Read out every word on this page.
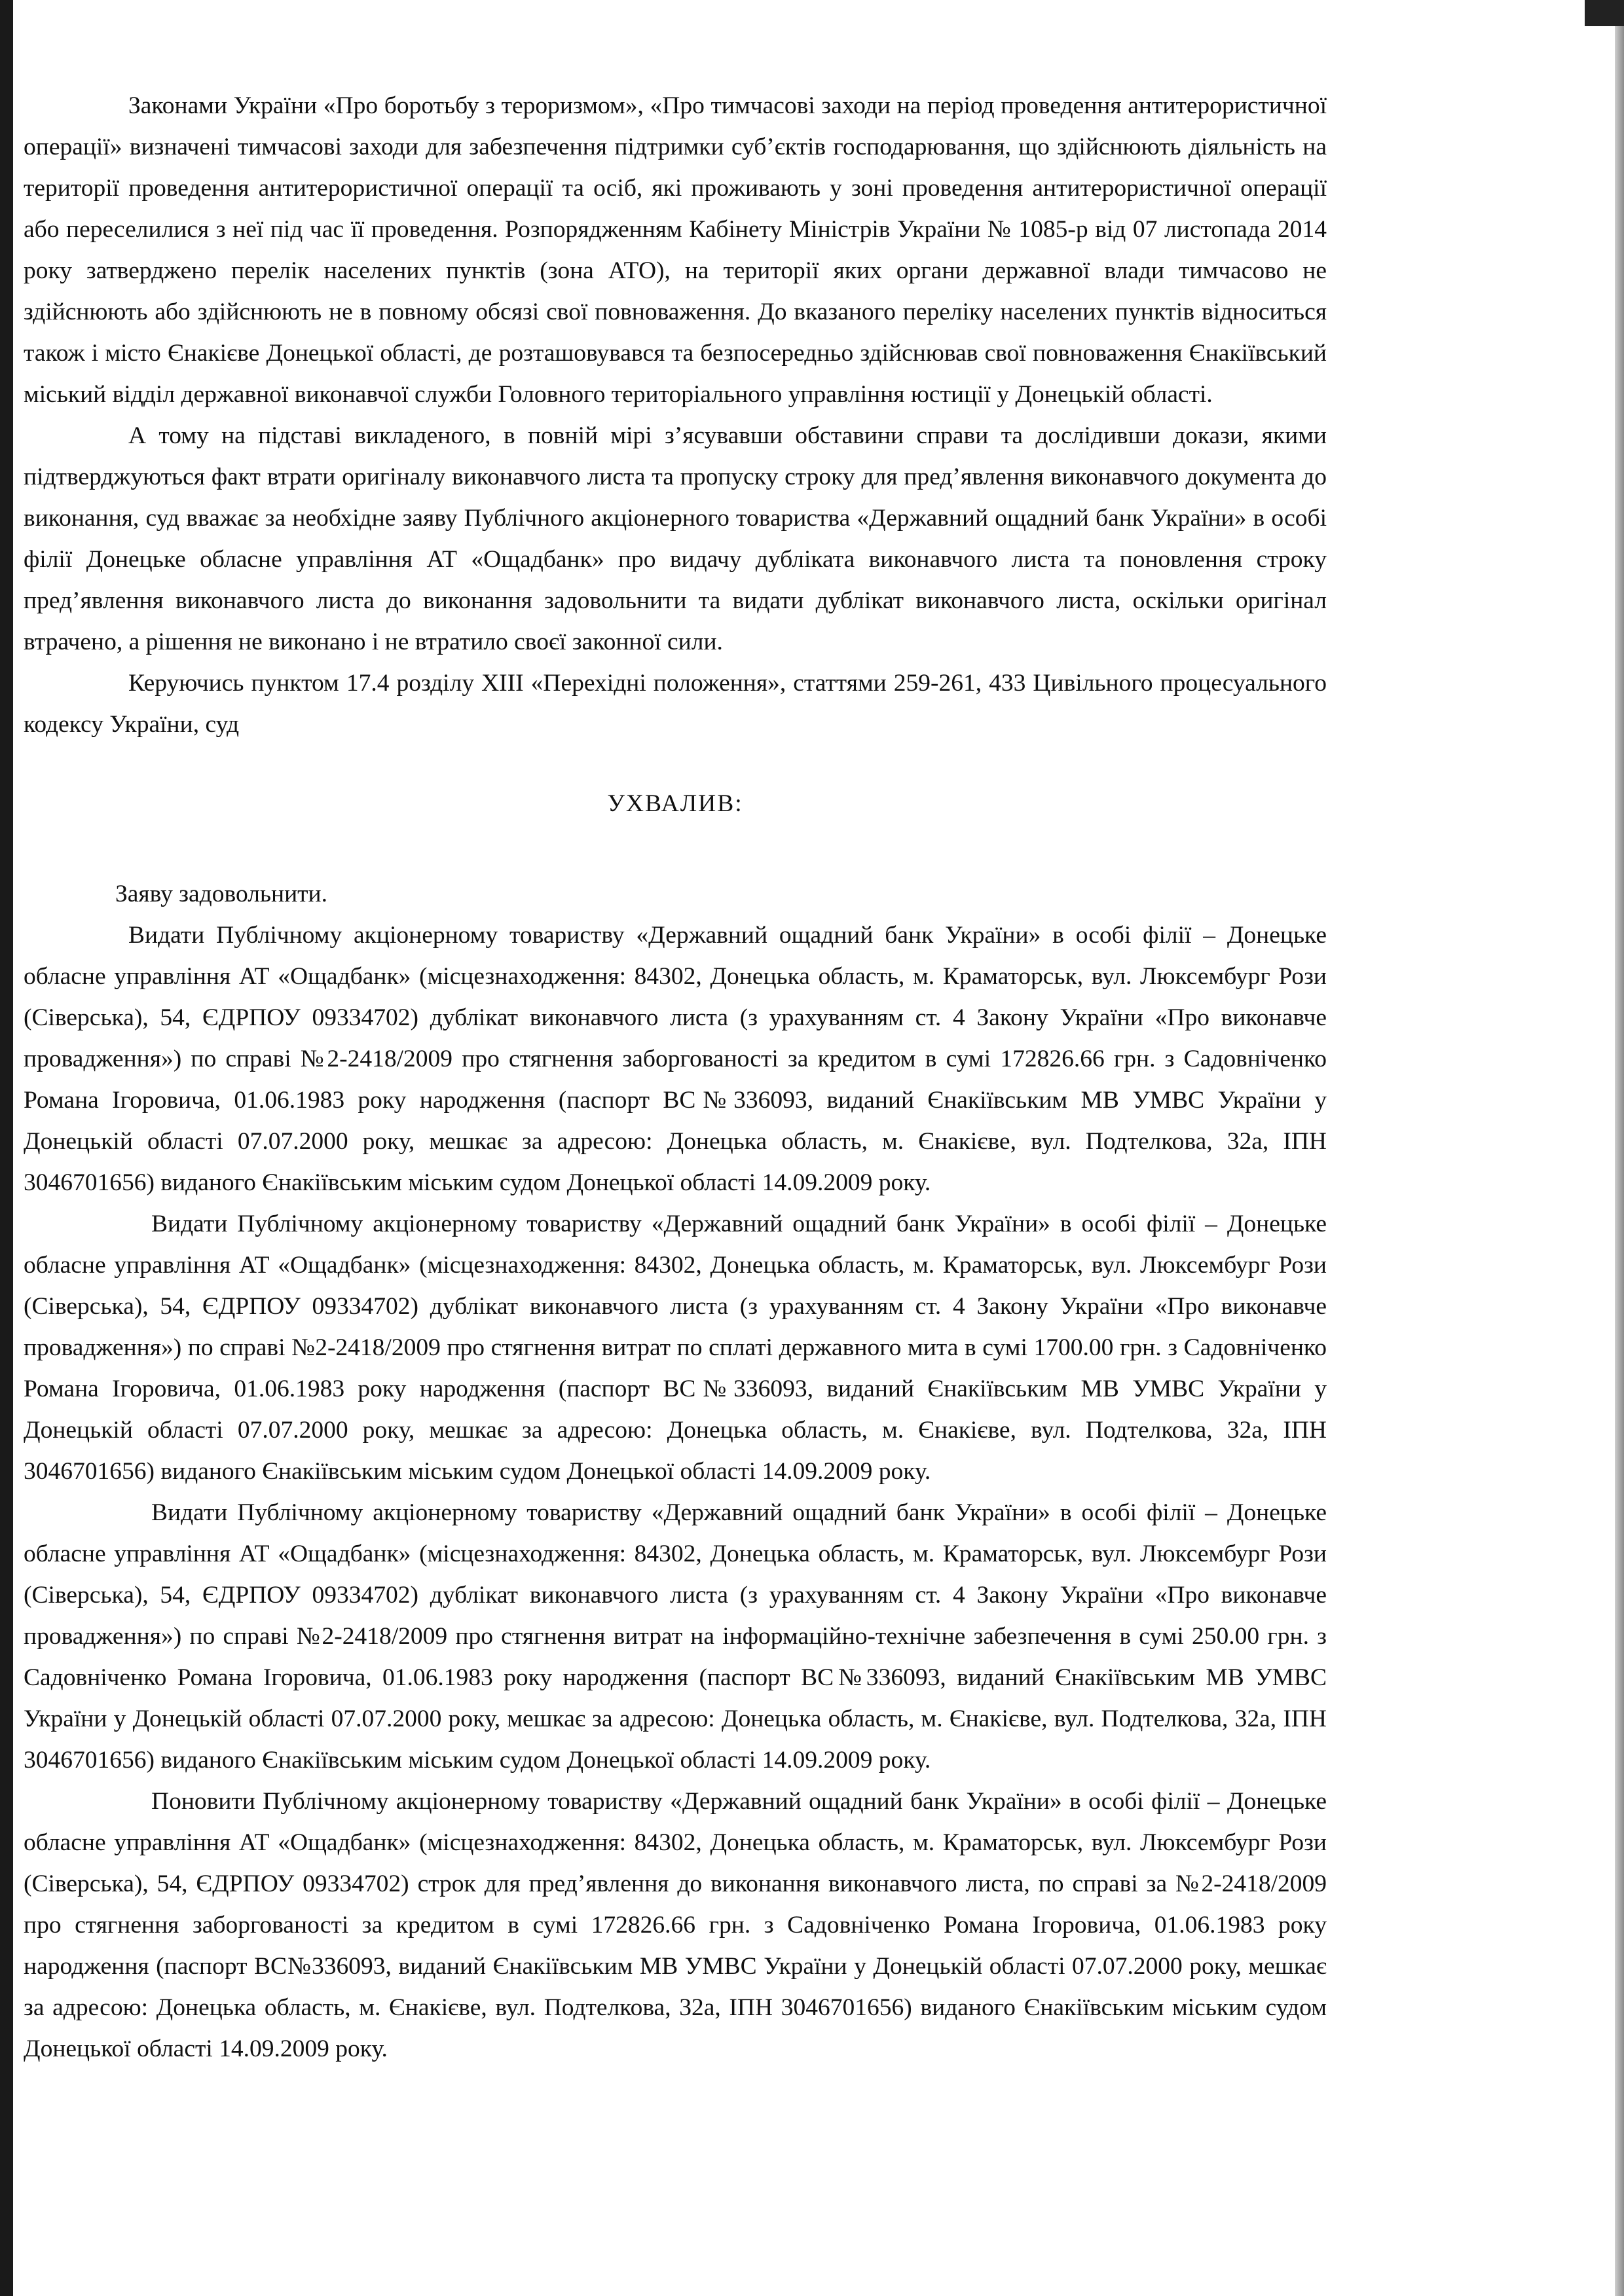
Законами України «Про боротьбу з тероризмом», «Про тимчасові заходи на період проведення антитерористичної операції» визначені тимчасові заходи для забезпечення підтримки суб’єктів господарювання, що здійснюють діяльність на території проведення антитерористичної операції та осіб, які проживають у зоні проведення антитерористичної операції або переселилися з неї під час її проведення. Розпорядженням Кабінету Міністрів України № 1085-р від 07 листопада 2014 року затверджено перелік населених пунктів (зона АТО), на території яких органи державної влади тимчасово не здійснюють або здійснюють не в повному обсязі свої повноваження. До вказаного переліку населених пунктів відноситься також і місто Єнакієве Донецької області, де розташовувався та безпосередньо здійснював свої повноваження Єнакіївський міський відділ державної виконавчої служби Головного територіального управління юстиції у Донецькій області.

А тому на підставі викладеного, в повній мірі з’ясувавши обставини справи та дослідивши докази, якими підтверджуються факт втрати оригіналу виконавчого листа та пропуску строку для пред’явлення виконавчого документа до виконання, суд вважає за необхідне заяву Публічного акціонерного товариства «Державний ощадний банк України» в особі філії Донецьке обласне управління АТ «Ощадбанк» про видачу дубліката виконавчого листа та поновлення строку пред’явлення виконавчого листа до виконання задовольнити та видати дублікат виконавчого листа, оскільки оригінал втрачено, а рішення не виконано і не втратило своєї законної сили.

Керуючись пунктом 17.4 розділу XIII «Перехідні положення», статтями 259-261, 433 Цивільного процесуального кодексу України, суд

УХВАЛИВ:

Заяву задовольнити.

Видати Публічному акціонерному товариству «Державний ощадний банк України» в особі філії – Донецьке обласне управління АТ «Ощадбанк» (місцезнаходження: 84302, Донецька область, м. Краматорськ, вул. Люксембург Рози (Сіверська), 54, ЄДРПОУ 09334702) дублікат виконавчого листа (з урахуванням ст. 4 Закону України «Про виконавче провадження») по справі №2-2418/2009 про стягнення заборгованості за кредитом в сумі 172826.66 грн. з Садовніченко Романа Ігоровича, 01.06.1983 року народження (паспорт ВС№336093, виданий Єнакіївським МВ УМВС України у Донецькій області 07.07.2000 року, мешкає за адресою: Донецька область, м. Єнакієве, вул. Подтелкова, 32а, ІПН 3046701656) виданого Єнакіївським міським судом Донецької області 14.09.2009 року.

Видати Публічному акціонерному товариству «Державний ощадний банк України» в особі філії – Донецьке обласне управління АТ «Ощадбанк» (місцезнаходження: 84302, Донецька область, м. Краматорськ, вул. Люксембург Рози (Сіверська), 54, ЄДРПОУ 09334702) дублікат виконавчого листа (з урахуванням ст. 4 Закону України «Про виконавче провадження») по справі №2-2418/2009 про стягнення витрат по сплаті державного мита в сумі 1700.00 грн. з Садовніченко Романа Ігоровича, 01.06.1983 року народження (паспорт ВС№336093, виданий Єнакіївським МВ УМВС України у Донецькій області 07.07.2000 року, мешкає за адресою: Донецька область, м. Єнакієве, вул. Подтелкова, 32а, ІПН 3046701656) виданого Єнакіївським міським судом Донецької області 14.09.2009 року.

Видати Публічному акціонерному товариству «Державний ощадний банк України» в особі філії – Донецьке обласне управління АТ «Ощадбанк» (місцезнаходження: 84302, Донецька область, м. Краматорськ, вул. Люксембург Рози (Сіверська), 54, ЄДРПОУ 09334702) дублікат виконавчого листа (з урахуванням ст. 4 Закону України «Про виконавче провадження») по справі №2-2418/2009 про стягнення витрат на інформаційно-технічне забезпечення в сумі 250.00 грн. з Садовніченко Романа Ігоровича, 01.06.1983 року народження (паспорт ВС№336093, виданий Єнакіївським МВ УМВС України у Донецькій області 07.07.2000 року, мешкає за адресою: Донецька область, м. Єнакієве, вул. Подтелкова, 32а, ІПН 3046701656) виданого Єнакіївським міським судом Донецької області 14.09.2009 року.

Поновити Публічному акціонерному товариству «Державний ощадний банк України» в особі філії – Донецьке обласне управління АТ «Ощадбанк» (місцезнаходження: 84302, Донецька область, м. Краматорськ, вул. Люксембург Рози (Сіверська), 54, ЄДРПОУ 09334702) строк для пред’явлення до виконання виконавчого листа, по справі за №2-2418/2009 про стягнення заборгованості за кредитом в сумі 172826.66 грн. з Садовніченко Романа Ігоровича, 01.06.1983 року народження (паспорт ВС№336093, виданий Єнакіївським МВ УМВС України у Донецькій області 07.07.2000 року, мешкає за адресою: Донецька область, м. Єнакієве, вул. Подтелкова, 32а, ІПН 3046701656) виданого Єнакіївським міським судом Донецької області 14.09.2009 року.
